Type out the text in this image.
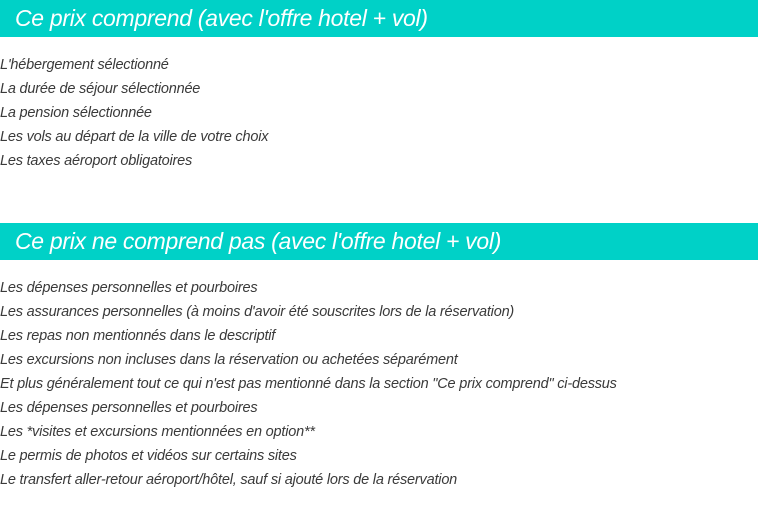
Ce prix comprend (avec l'offre hotel + vol)
L'hébergement sélectionné
La durée de séjour sélectionnée
La pension sélectionnée
Les vols au départ de la ville de votre choix
Les taxes aéroport obligatoires
Ce prix ne comprend pas (avec l'offre hotel + vol)
Les dépenses personnelles et pourboires
Les assurances personnelles (à moins d'avoir été souscrites lors de la réservation)
Les repas non mentionnés dans le descriptif
Les excursions non incluses dans la réservation ou achetées séparément
Et plus généralement tout ce qui n'est pas mentionné dans la section "Ce prix comprend" ci-dessus
Les dépenses personnelles et pourboires
Les *visites et excursions mentionnées en option**
Le permis de photos et vidéos sur certains sites
Le transfert aller-retour aéroport/hôtel, sauf si ajouté lors de la réservation
